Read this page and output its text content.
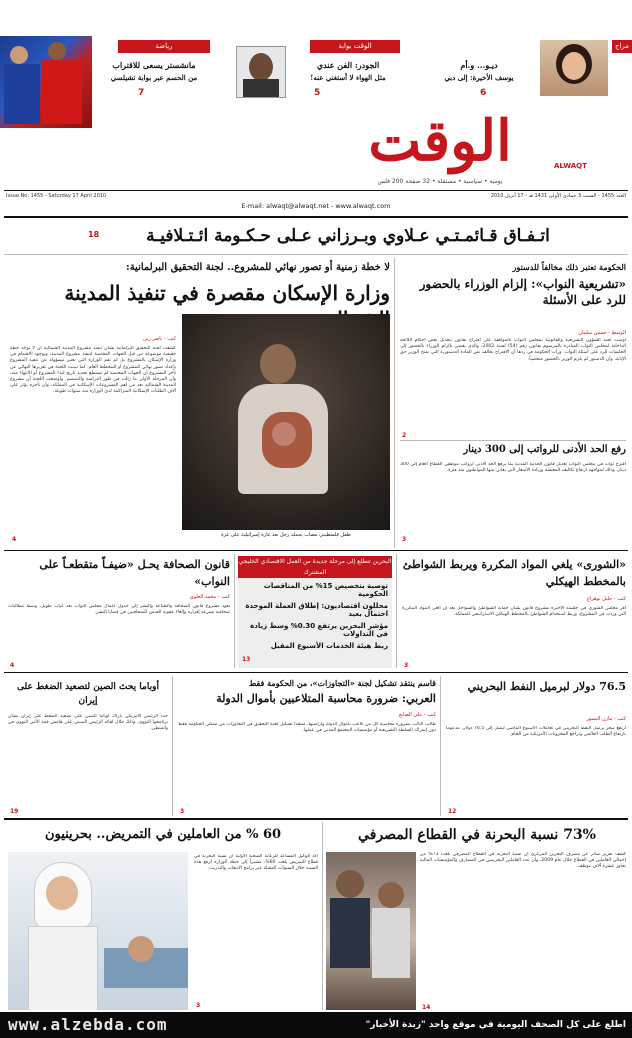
رياضة
مانشستر يسعى للاقتراب
من الحسم عبر بوابة تشيلسي
7
الوقت بوابة
الجودر: الفن عندي
مثل الهواء لا أستغني عنه!
5
مزاج
ديـو... و.أم
يوسف الأخيرة: إلى دبي
6
الوقت	ALWAQT
يومية • سياسية • مستقلة • 32 صفحة 200 فلس
Issue No: 1455 - Saturday 17 April 2010	العدد 1455 - السبت 3 جمادى الأولى 1431 هـ - 17 أبريل 2010
E-mail: alwaqt@alwaqt.net - www.alwaqt.com
اتـفـاق قـائمـتـي عـلاوي وبـرزاني عـلى حـكـومة ائـتـلافيـة
18
لا خطة زمنية أو تصور نهائي للمشروع.. لجنة التحقيق البرلمانية:
وزارة الإسكان مقصرة في تنفيذ المدينة
طفل فلسطيني مصاب يحمله رجل بعد غارة إسرائيلية على غزة
كتب - ناصر زين
كشفت لجنة التحقيق البرلمانية بشأن تنفيذ مشروع المدينة الشمالية أن لا توجد خطة حقيقية موضوعة من قبل الجهات المختصة لتنفيذ مشروع المدينة، وبوجود الاهتمام في وزارة الإسكان بالمشروع بل لم تقم الوزارة التي تعتبر مسؤولة عن تنفيذ المشروع بإعداد تصور نهائي للمشروع أو للمخطط العام. كما تبينت اللجنة في تقريرها النهائي عن تأخر المشروع أن الجهات المختصة لم تستطع تحديد تاريخ لبدء المشروع أو الانتهاء منه، وأن المرحلة الأولى ما زالت في طور الدراسة والتصميم. وأوضحت اللجنة أن مشروع المدينة الشمالية يعد من أهم المشروعات الإسكانية في المملكة، وأن تأخره يؤثر على آلاف الطلبات الإسكانية المتراكمة لدى الوزارة منذ سنوات طويلة.
4
الحكومة تعتبر ذلك مخالفاً للدستور
«تشريعية النواب»: إلزام الوزراء بالحضور للرد على الأسئلة
الوسط - حسين سلمان
أوصت لجنة الشؤون التشريعية والقانونية بمجلس النواب بالموافقة على اقتراح بقانون بتعديل بعض أحكام اللائحة الداخلية لمجلس النواب الصادرة بالمرسوم بقانون رقم (54) لسنة 2002، والذي يقضي بإلزام الوزراء بالحضور إلى الجلسات للرد على أسئلة النواب. ورأت الحكومة في ردها أن الاقتراح يخالف نص المادة الدستورية التي تمنح الوزير حق الإنابة، وأن الدستور لم يلزم الوزير بالحضور شخصياً.
2
رفع الحد الأدنى للرواتب إلى 300 دينار
اقترح نواب في مجلس النواب تعديل قانون الخدمة المدنية بما يرفع الحد الأدنى لرواتب موظفي القطاع العام إلى 300 دينار، وذلك لمواجهة ارتفاع تكاليف المعيشة وزيادة الأسعار التي يعاني منها المواطنون منذ فترة.
3
«الشورى» يلغي المواد المكررة ويربط الشواطئ بالمخطط الهيكلي
كتب - خليل بوهزاع
أقر مجلس الشورى في جلسته الأخيرة مشروع قانون بشأن حماية الشواطئ والسواحل بعد أن ألغى المواد المكررة التي وردت في المشروع، وربط استخدام الشواطئ بالمخطط الهيكلي الاستراتيجي للمملكة.
3
البحرين تتطلع إلى مرحلة جديدة من العمل الاقتصادي الخليجي المشترك
توصية بتخصيص 15% من المناقصات الحكومية
محللون اقتصاديون: إطلاق العملة الموحدة احتمال بعيد
مؤشر البحرين يرتفع 0.30% وسط زيادة في التداولات
ربط هيئة الخدمات الأسبوع المقبل
13
قانون الصحافة يحـل «ضيفـاً متقطعـاً على النواب»
كتب - محمد العلوي
يعود مشروع قانون الصحافة والطباعة والنشر إلى جدول أعمال مجلس النواب بعد غياب طويل، وسط مطالبات صحافية بسرعة إقراره وإلغاء عقوبة الحبس للصحافيين في قضايا النشر.
4
76.5 دولار لبرميل النفط البحريني
كتب - مازن النسور
ارتفع سعر برميل النفط البحريني في تعاملات الأسبوع الماضي ليصل إلى 76.5 دولار، مدعوماً بارتفاع الطلب العالمي وتراجع المخزونات الأمريكية من الخام.
12
قاسم ينتقد تشكيل لجنة «التجاوزات»، من الحكومة فقط
العربي: ضرورة محاسبة المتلاعبين بأموال الدولة
كتب - علي الصايغ
طالب النائب بضرورة محاسبة كل من تلاعب بأموال الدولة وأراضيها، منتقداً تشكيل لجنة التحقيق في التجاوزات من ممثلي الحكومة فقط دون إشراك السلطة التشريعية أو مؤسسات المجتمع المدني في عملها.
3
أوباما يحث الصين لتصعيد الضغط على إيران
حث الرئيس الأمريكي باراك أوباما الصين على تصعيد الضغط على إيران بشأن برنامجها النووي، وذلك خلال لقائه الرئيس الصيني على هامش قمة الأمن النووي في واشنطن.
19
73% نسبة البحرنة في القطاع المصرفي
كشف تقرير صادر عن مصرف البحرين المركزي أن نسبة البحرنة في القطاع المصرفي بلغت 73% من إجمالي العاملين في القطاع خلال عام 2009، وأن عدد العاملين البحرينيين في المصارف والمؤسسات المالية تجاوز عشرة آلاف موظف.
14
60 % من العاملين في التمريض.. بحرينيون
أكد الوكيل المساعد للرعاية الصحية الأولية أن نسبة البحرنة في قطاع التمريض بلغت 60%، مشيراً إلى خطة الوزارة لرفع هذه النسبة خلال السنوات المقبلة عبر برامج الابتعاث والتدريب.
3
www.alzebda.com	اطلع على كل الصحف اليومية في موقع واحد "زبدة الأخبار"
